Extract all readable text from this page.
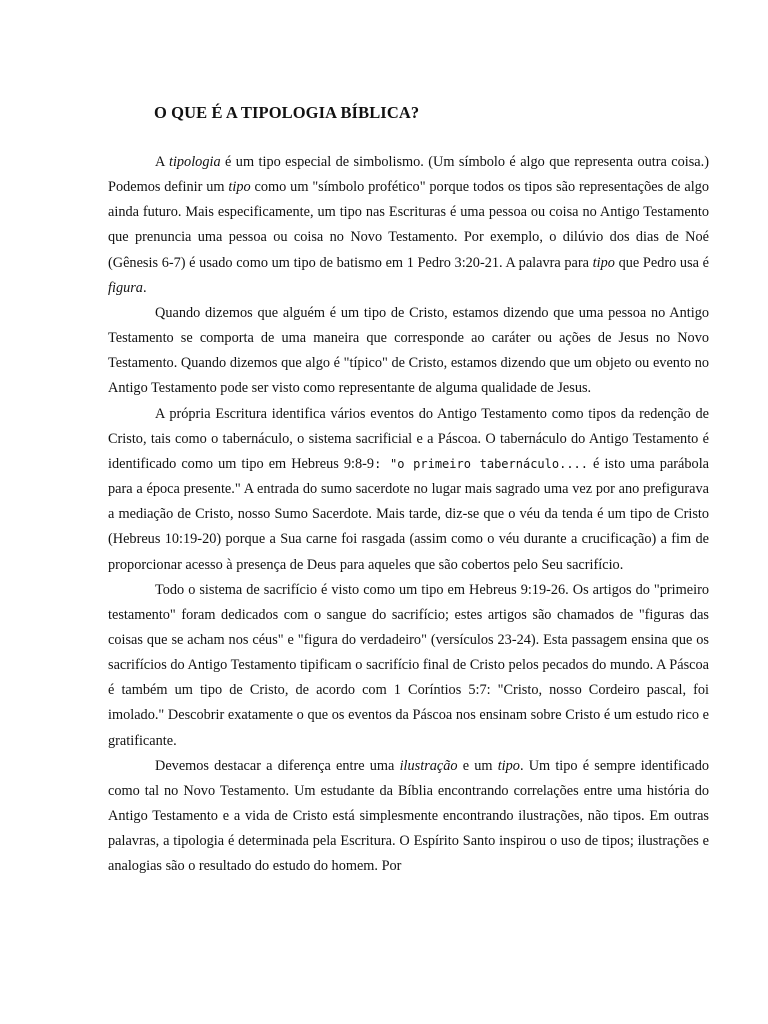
O QUE É A TIPOLOGIA BÍBLICA?

A tipologia é um tipo especial de simbolismo. (Um símbolo é algo que representa outra coisa.) Podemos definir um tipo como um "símbolo profético" porque todos os tipos são representações de algo ainda futuro. Mais especificamente, um tipo nas Escrituras é uma pessoa ou coisa no Antigo Testamento que prenuncia uma pessoa ou coisa no Novo Testamento. Por exemplo, o dilúvio dos dias de Noé (Gênesis 6-7) é usado como um tipo de batismo em 1 Pedro 3:20-21. A palavra para tipo que Pedro usa é figura.

Quando dizemos que alguém é um tipo de Cristo, estamos dizendo que uma pessoa no Antigo Testamento se comporta de uma maneira que corresponde ao caráter ou ações de Jesus no Novo Testamento. Quando dizemos que algo é "típico" de Cristo, estamos dizendo que um objeto ou evento no Antigo Testamento pode ser visto como representante de alguma qualidade de Jesus.

A própria Escritura identifica vários eventos do Antigo Testamento como tipos da redenção de Cristo, tais como o tabernáculo, o sistema sacrificial e a Páscoa. O tabernáculo do Antigo Testamento é identificado como um tipo em Hebreus 9:8-9: "o primeiro tabernáculo.... é isto uma parábola para a época presente." A entrada do sumo sacerdote no lugar mais sagrado uma vez por ano prefigurava a mediação de Cristo, nosso Sumo Sacerdote. Mais tarde, diz-se que o véu da tenda é um tipo de Cristo (Hebreus 10:19-20) porque a Sua carne foi rasgada (assim como o véu durante a crucificação) a fim de proporcionar acesso à presença de Deus para aqueles que são cobertos pelo Seu sacrifício.

Todo o sistema de sacrifício é visto como um tipo em Hebreus 9:19-26. Os artigos do "primeiro testamento" foram dedicados com o sangue do sacrifício; estes artigos são chamados de "figuras das coisas que se acham nos céus" e "figura do verdadeiro" (versículos 23-24). Esta passagem ensina que os sacrifícios do Antigo Testamento tipificam o sacrifício final de Cristo pelos pecados do mundo. A Páscoa é também um tipo de Cristo, de acordo com 1 Coríntios 5:7: "Cristo, nosso Cordeiro pascal, foi imolado." Descobrir exatamente o que os eventos da Páscoa nos ensinam sobre Cristo é um estudo rico e gratificante.

Devemos destacar a diferença entre uma ilustração e um tipo. Um tipo é sempre identificado como tal no Novo Testamento. Um estudante da Bíblia encontrando correlações entre uma história do Antigo Testamento e a vida de Cristo está simplesmente encontrando ilustrações, não tipos. Em outras palavras, a tipologia é determinada pela Escritura. O Espírito Santo inspirou o uso de tipos; ilustrações e analogias são o resultado do estudo do homem. Por
